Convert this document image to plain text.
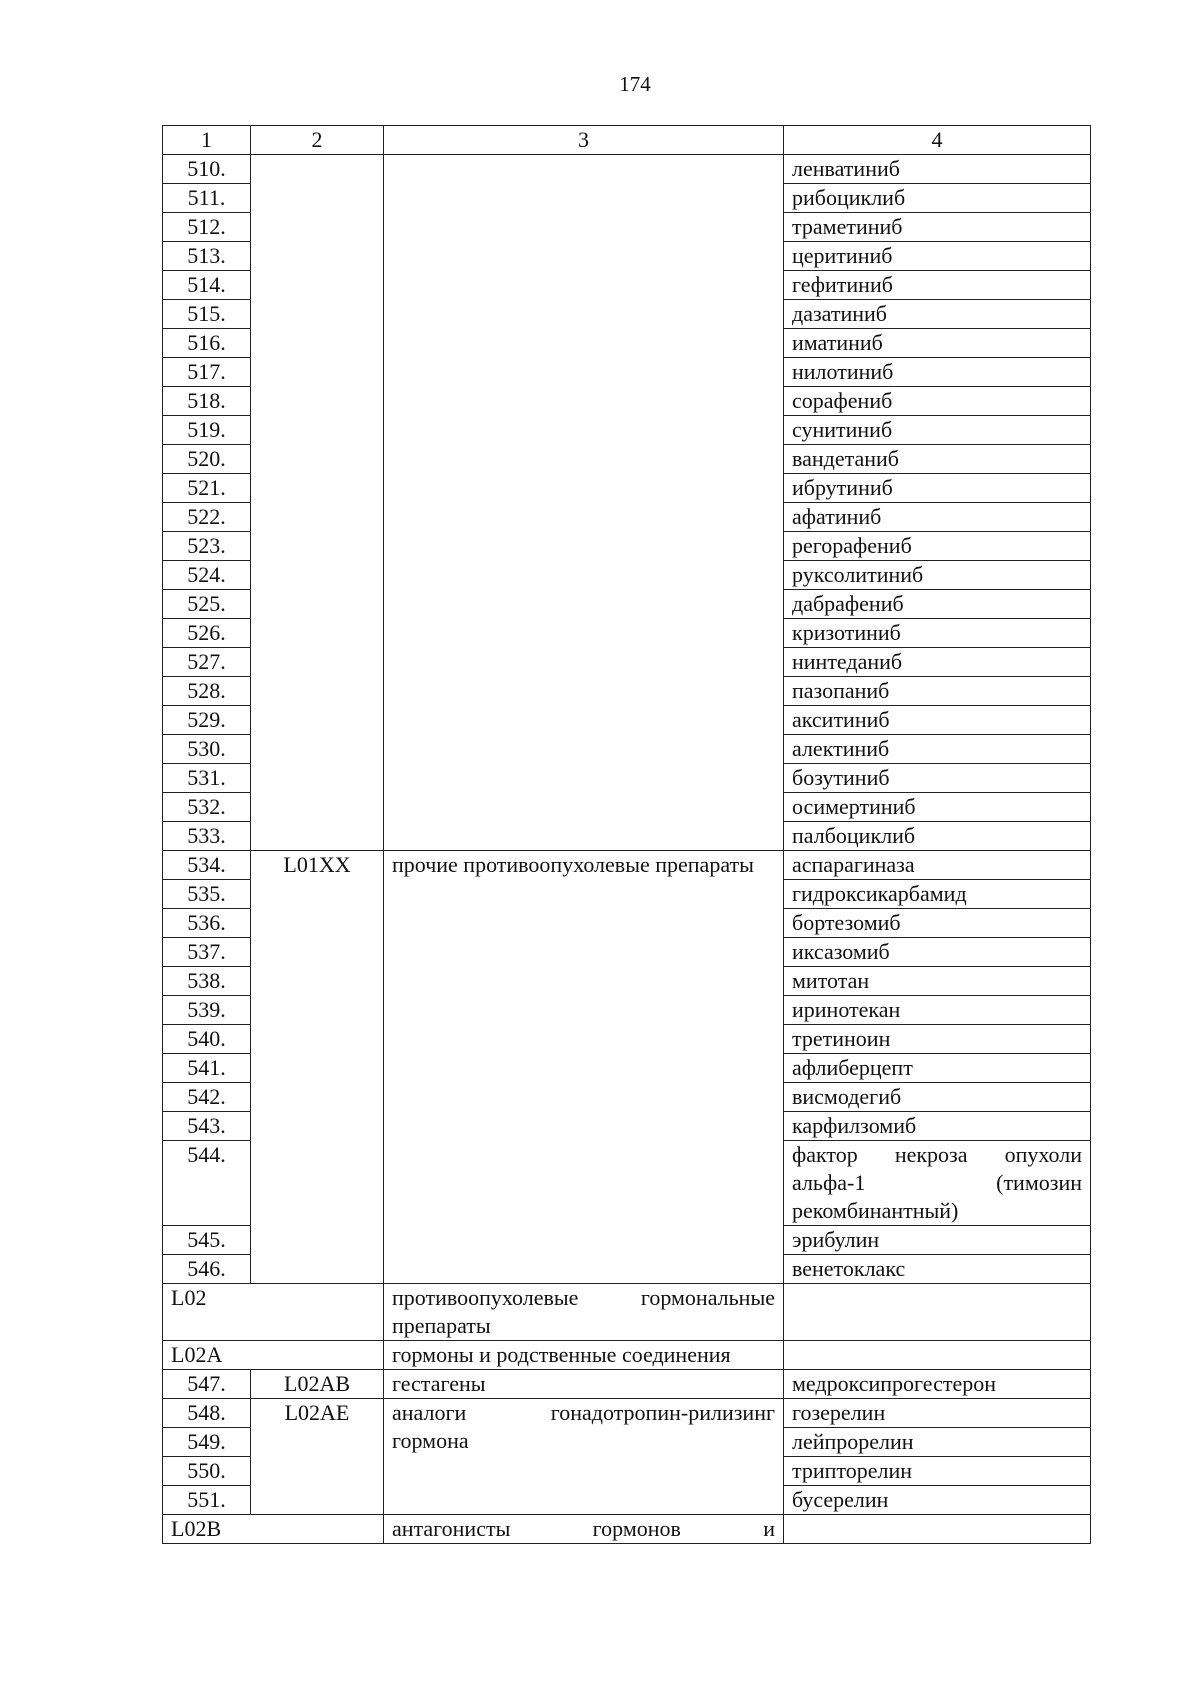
174
1	2	3	4
510.			ленватиниб
511.			рибоциклиб
512.			траметиниб
513.			церитиниб
514.			гефитиниб
515.			дазатиниб
516.			иматиниб
517.			нилотиниб
518.			сорафениб
519.			сунитиниб
520.			вандетаниб
521.			ибрутиниб
522.			афатиниб
523.			регорафениб
524.			руксолитиниб
525.			дабрафениб
526.			кризотиниб
527.			нинтеданиб
528.			пазопаниб
529.			акситиниб
530.			алектиниб
531.			бозутиниб
532.			осимертиниб
533.			палбоциклиб
534.	L01XX	прочие противоопухолевые препараты	аспарагиназа
535.			гидроксикарбамид
536.			бортезомиб
537.			иксазомиб
538.			митотан
539.			иринотекан
540.			третиноин
541.			афлиберцепт
542.			висмодегиб
543.			карфилзомиб
544.			фактор некроза опухоли альфа-1 (тимозин рекомбинантный)
545.			эрибулин
546.			венетоклакс
L02		противоопухолевые гормональные препараты	
L02A		гормоны и родственные соединения	
547.	L02AB	гестагены	медроксипрогестерон
548.	L02AE	аналоги гонадотропин-рилизинг гормона	гозерелин
549.			лейпрорелин
550.			трипторелин
551.			бусерелин
L02B		антагонисты гормонов и	
